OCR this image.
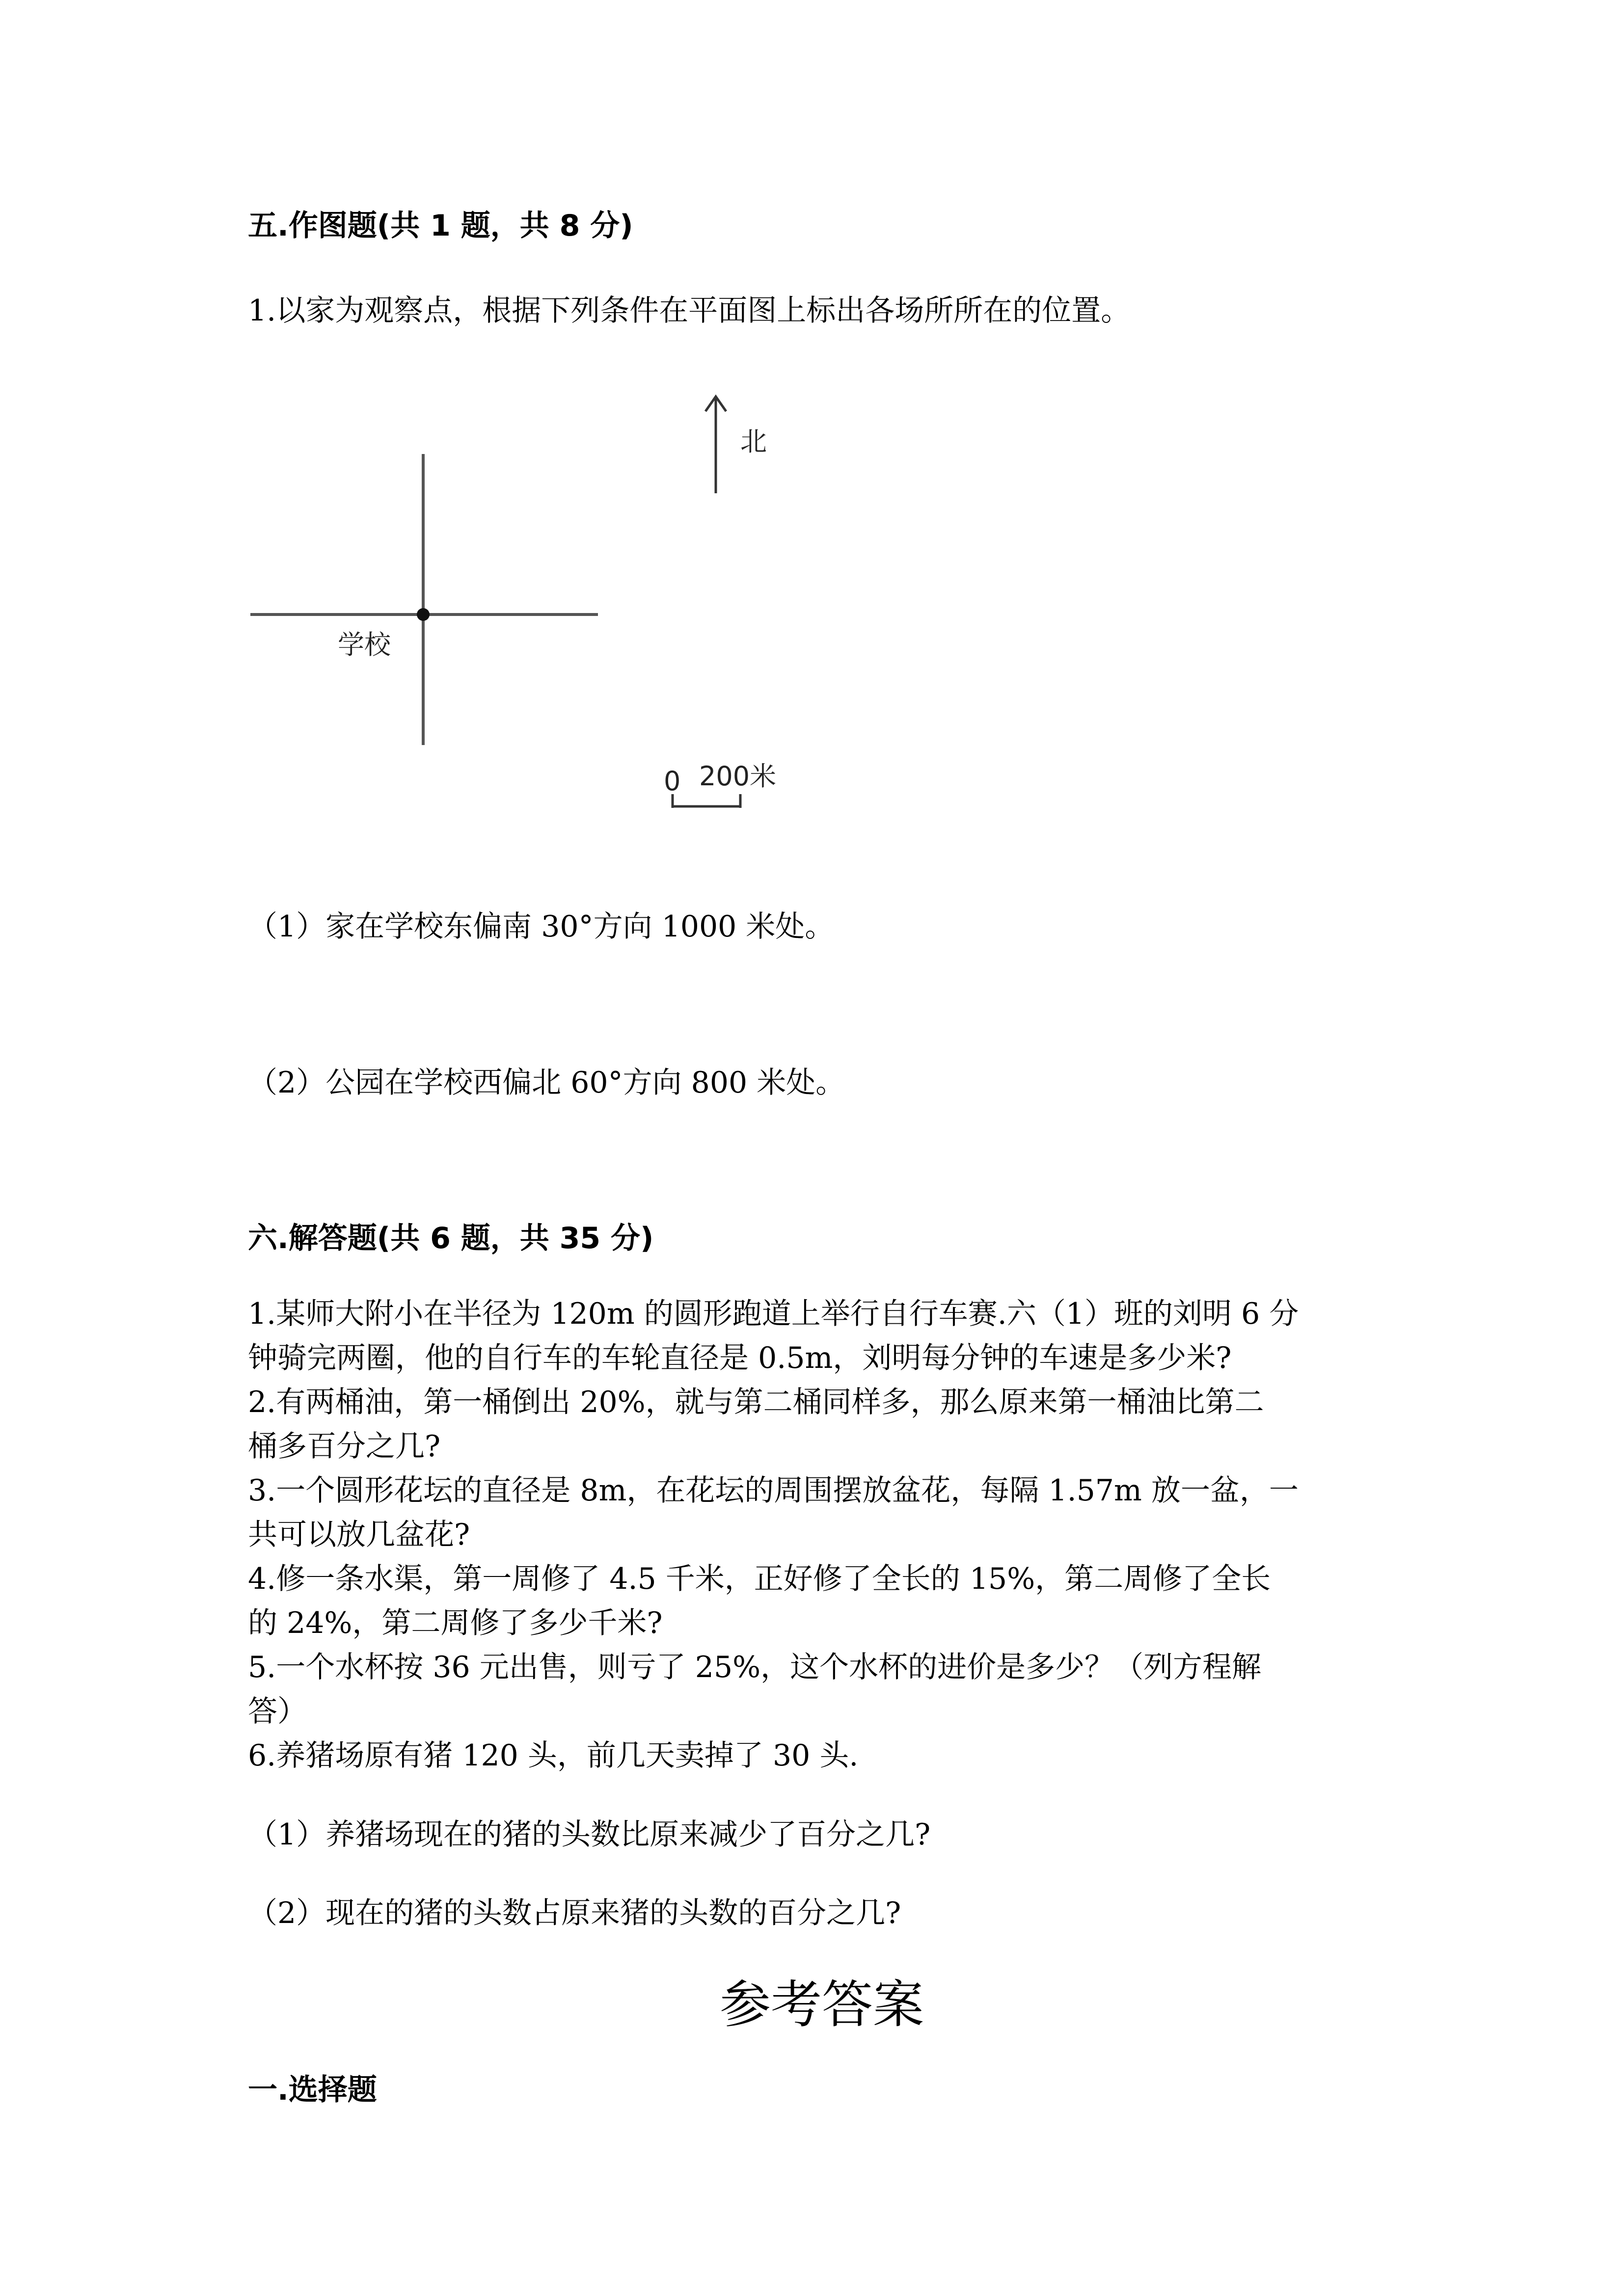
五.作图题(共 1 题，共 8 分)
1.以家为观察点，根据下列条件在平面图上标出各场所所在的位置。
北
学校
0 200米
（1）家在学校东偏南 30°方向 1000 米处。
（2）公园在学校西偏北 60°方向 800 米处。
六.解答题(共 6 题，共 35 分)
1.某师大附小在半径为 120m 的圆形跑道上举行自行车赛.六（1）班的刘明 6 分
钟骑完两圈，他的自行车的车轮直径是 0.5m，刘明每分钟的车速是多少米?
2.有两桶油，第一桶倒出 20%，就与第二桶同样多，那么原来第一桶油比第二
桶多百分之几?
3.一个圆形花坛的直径是 8m，在花坛的周围摆放盆花，每隔 1.57m 放一盆，一
共可以放几盆花?
4.修一条水渠，第一周修了 4.5 千米，正好修了全长的 15%，第二周修了全长
的 24%，第二周修了多少千米?
5.一个水杯按 36 元出售，则亏了 25%，这个水杯的进价是多少？（列方程解
答）
6.养猪场原有猪 120 头，前几天卖掉了 30 头.
（1）养猪场现在的猪的头数比原来减少了百分之几?
（2）现在的猪的头数占原来猪的头数的百分之几?
参考答案
一.选择题
